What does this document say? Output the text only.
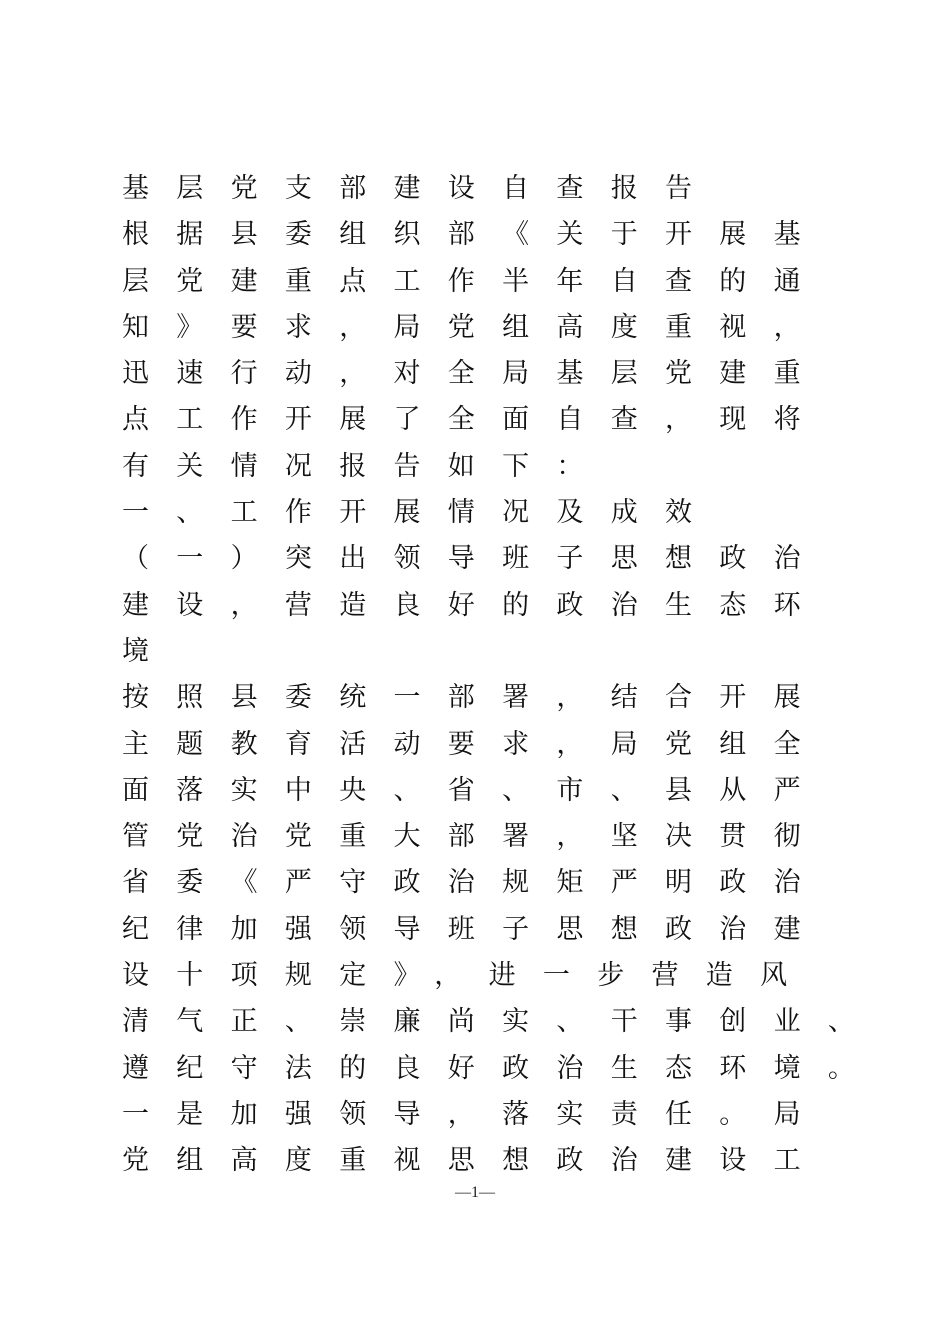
基层党支部建设自查报告
根据县委组织部《关于开展基
层党建重点工作半年自查的通
知》要求，局党组高度重视，
迅速行动，对全局基层党建重
点工作开展了全面自查，现将
有关情况报告如下：
一、工作开展情况及成效
（一）突出领导班子思想政治
建设，营造良好的政治生态环
境
按照县委统一部署，结合开展
主题教育活动要求，局党组全
面落实中央、省、市、县从严
管党治党重大部署，坚决贯彻
省委《严守政治规矩严明政治
纪律加强领导班子思想政治建
设十项规定》，进一步营造风
清气正、崇廉尚实、干事创业、
遵纪守法的良好政治生态环境。
一是加强领导，落实责任。局
党组高度重视思想政治建设工
—1—
